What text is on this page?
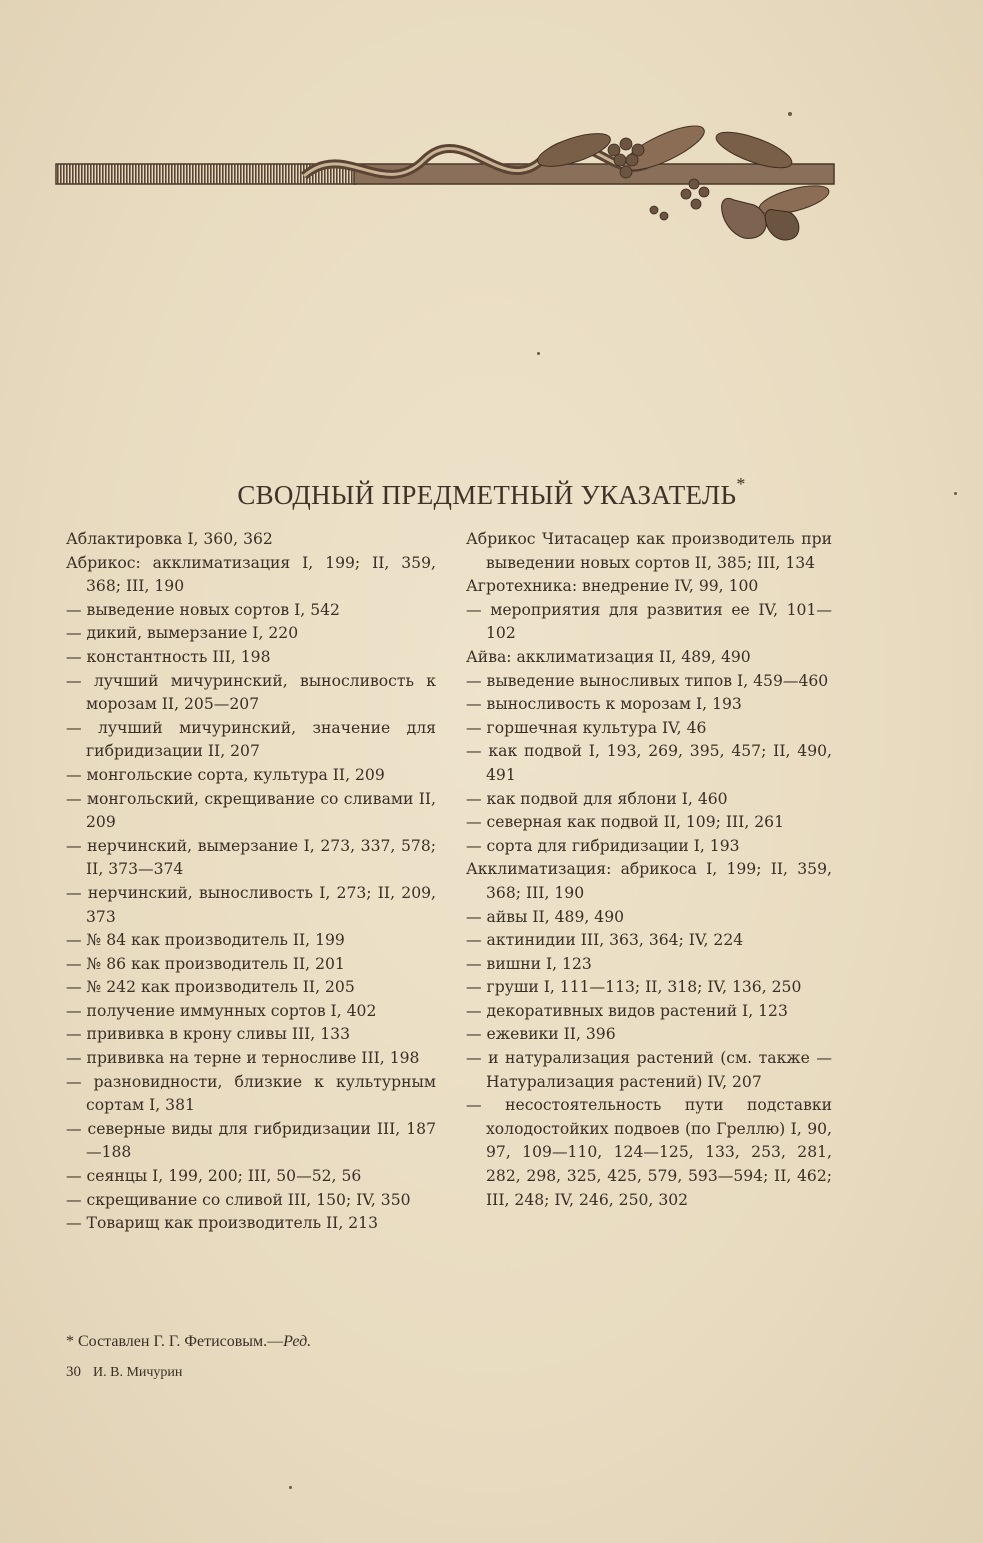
СВОДНЫЙ ПРЕДМЕТНЫЙ УКАЗАТЕЛЬ*
Аблактировка I, 360, 362
Абрикос: акклиматизация I, 199; II, 359, 368; III, 190
— выведение новых сортов I, 542
— дикий, вымерзание I, 220
— константность III, 198
— лучший мичуринский, выносливость к морозам II, 205—207
— лучший мичуринский, значение для гибридизации II, 207
— монгольские сорта, культура II, 209
— монгольский, скрещивание со сливами II, 209
— нерчинский, вымерзание I, 273, 337, 578; II, 373—374
— нерчинский, выносливость I, 273; II, 209, 373
— № 84 как производитель II, 199
— № 86 как производитель II, 201
— № 242 как производитель II, 205
— получение иммунных сортов I, 402
— прививка в крону сливы III, 133
— прививка на терне и терносливе III, 198
— разновидности, близкие к культурным сортам I, 381
— северные виды для гибридизации III, 187—188
— сеянцы I, 199, 200; III, 50—52, 56
— скрещивание со сливой III, 150; IV, 350
— Товарищ как производитель II, 213
Абрикос Читасацер как производитель при выведении новых сортов II, 385; III, 134
Агротехника: внедрение IV, 99, 100
— мероприятия для развития ее IV, 101—102
Айва: акклиматизация II, 489, 490
— выведение выносливых типов I, 459—460
— выносливость к морозам I, 193
— горшечная культура IV, 46
— как подвой I, 193, 269, 395, 457; II, 490, 491
— как подвой для яблони I, 460
— северная как подвой II, 109; III, 261
— сорта для гибридизации I, 193
Акклиматизация: абрикоса I, 199; II, 359, 368; III, 190
— айвы II, 489, 490
— актинидии III, 363, 364; IV, 224
— вишни I, 123
— груши I, 111—113; II, 318; IV, 136, 250
— декоративных видов растений I, 123
— ежевики II, 396
— и натурализация растений (см. также — Натурализация растений) IV, 207
— несостоятельность пути подставки холодостойких подвоев (по Греллю) I, 90, 97, 109—110, 124—125, 133, 253, 281, 282, 298, 325, 425, 579, 593—594; II, 462; III, 248; IV, 246, 250, 302
* Составлен Г. Г. Фетисовым.—Ред.
30 И. В. Мичурин
